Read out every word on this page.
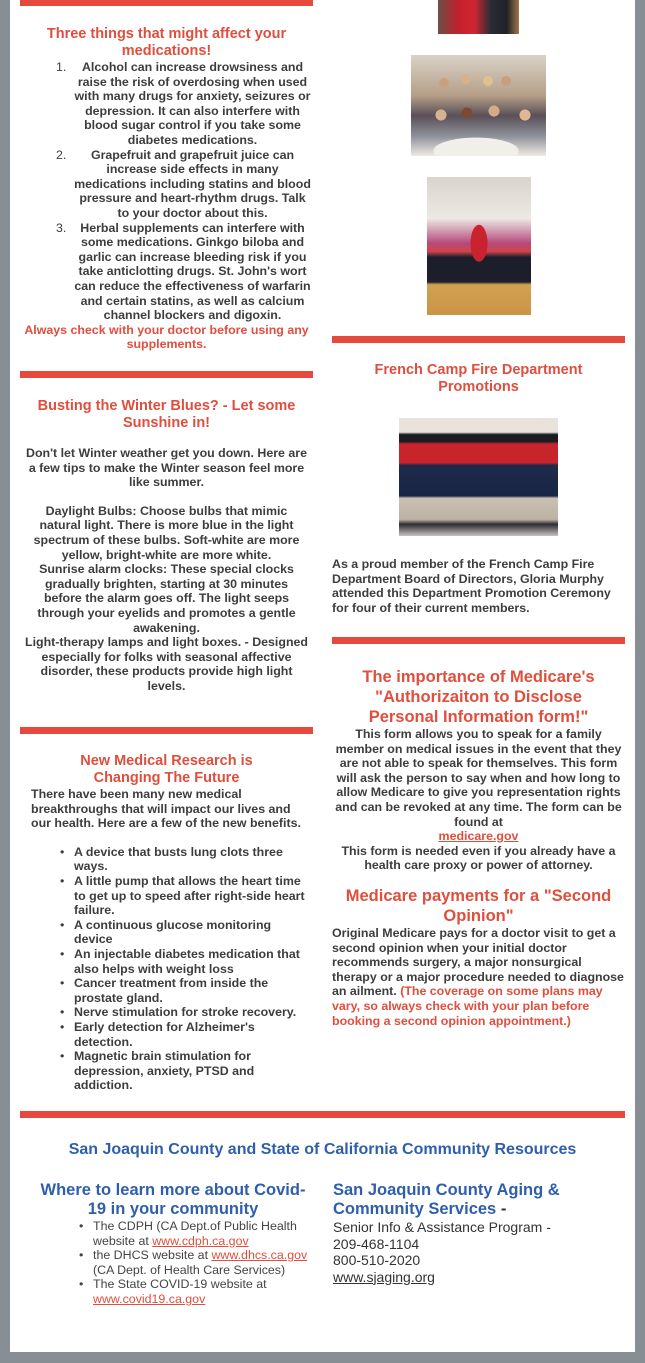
Three things that might affect your medications!
1. Alcohol can increase drowsiness and raise the risk of overdosing when used with many drugs for anxiety, seizures or depression. It can also interfere with blood sugar control if you take some diabetes medications.
2. Grapefruit and grapefruit juice can increase side effects in many medications including statins and blood pressure and heart-rhythm drugs. Talk to your doctor about this.
3. Herbal supplements can interfere with some medications. Ginkgo biloba and garlic can increase bleeding risk if you take anticlotting drugs. St. John's wort can reduce the effectiveness of warfarin and certain statins, as well as calcium channel blockers and digoxin.

Always check with your doctor before using any supplements.

Busting the Winter Blues? - Let some Sunshine in!

Don't let Winter weather get you down. Here are a few tips to make the Winter season feel more like summer.

Daylight Bulbs: Choose bulbs that mimic natural light. There is more blue in the light spectrum of these bulbs. Soft-white are more yellow, bright-white are more white.

Sunrise alarm clocks: These special clocks gradually brighten, starting at 30 minutes before the alarm goes off. The light seeps through your eyelids and promotes a gentle awakening.

Light-therapy lamps and light boxes. - Designed especially for folks with seasonal affective disorder, these products provide high light levels.

New Medical Research is Changing The Future

There have been many new medical breakthroughs that will impact our lives and our health. Here are a few of the new benefits.

• A device that busts lung clots three ways.
• A little pump that allows the heart time to get up to speed after right-side heart failure.
• A continuous glucose monitoring device
• An injectable diabetes medication that also helps with weight loss
• Cancer treatment from inside the prostate gland.
• Nerve stimulation for stroke recovery.
• Early detection for Alzheimer's detection.
• Magnetic brain stimulation for depression, anxiety, PTSD and addiction.
French Camp Fire Department Promotions

As a proud member of the French Camp Fire Department Board of Directors, Gloria Murphy attended this Department Promotion Ceremony for four of their current members.

The importance of Medicare's "Authorizaiton to Disclose Personal Information form!"

This form allows you to speak for a family member on medical issues in the event that they are not able to speak for themselves. This form will ask the person to say when and how long to allow Medicare to give you representation rights and can be revoked at any time. The form can be found at
medicare.gov
This form is needed even if you already have a health care proxy or power of attorney.

Medicare payments for a "Second Opinion"

Original Medicare pays for a doctor visit to get a second opinion when your initial doctor recommends surgery, a major nonsurgical therapy or a major procedure needed to diagnose an ailment. (The coverage on some plans may vary, so always check with your plan before booking a second opinion appointment.)

San Joaquin County and State of California Community Resources
Where to learn more about Covid-19 in your community
• The CDPH (CA Dept.of Public Health website at www.cdph.ca.gov
• the DHCS website at www.dhcs.ca.gov (CA Dept. of Health Care Services)
• The State COVID-19 website at www.covid19.ca.gov
San Joaquin County Aging & Community Services -
Senior Info & Assistance Program -
209-468-1104
800-510-2020
www.sjaging.org
